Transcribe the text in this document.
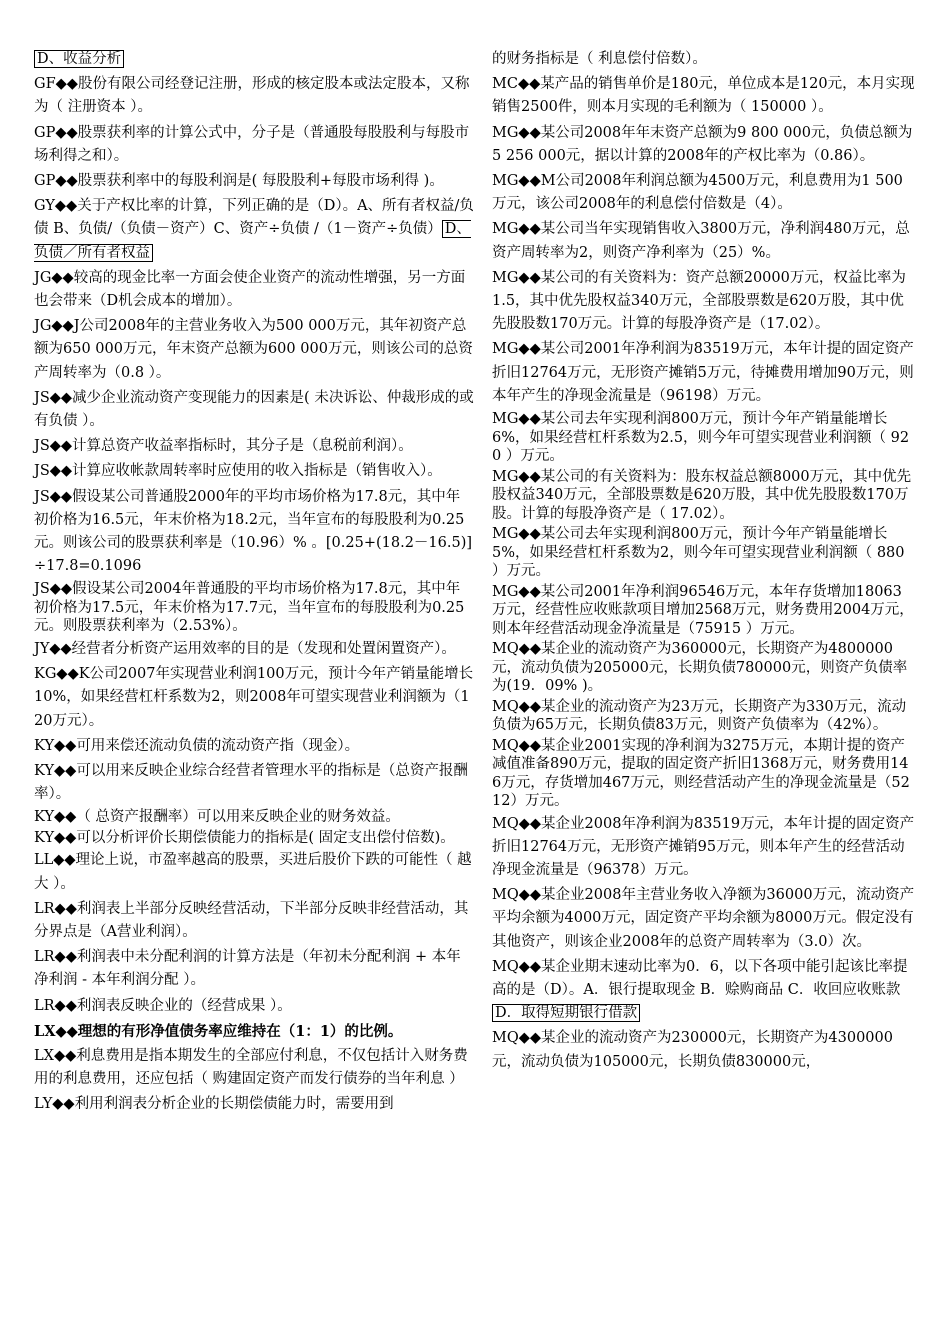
D、收益分析

GF◆◆股份有限公司经登记注册，形成的核定股本或法定股本，又称为（ 注册资本 ）。

GP◆◆股票获利率的计算公式中，分子是（普通股每股股利与每股市场利得之和）。

GP◆◆股票获利率中的每股利润是( 每股股利+每股市场利得 )。

GY◆◆关于产权比率的计算，下列正确的是（D）。A、所有者权益/负债 B、负债/（负债－资产）C、资产÷负债 /（1－资产÷负债） D、负债／所有者权益

JG◆◆较高的现金比率一方面会使企业资产的流动性增强，另一方面也会带来（D机会成本的增加）。

JG◆◆J公司2008年的主营业务收入为500 000万元，其年初资产总额为650 000万元，年末资产总额为600 000万元，则该公司的总资产周转率为（0.8 ）。

JS◆◆减少企业流动资产变现能力的因素是( 未决诉讼、仲裁形成的或有负债 ）。

JS◆◆计算总资产收益率指标时，其分子是（息税前利润）。

JS◆◆计算应收帐款周转率时应使用的收入指标是（销售收入）。

JS◆◆假设某公司普通股2000年的平均市场价格为17.8元，其中年初价格为16.5元，年末价格为18.2元，当年宣布的每股股利为0.25元。则该公司的股票获利率是（10.96）% 。[0.25+(18.2－16.5)]÷17.8=0.1096

JS◆◆假设某公司2004年普通股的平均市场价格为17.8元，其中年初价格为17.5元，年末价格为17.7元，当年宣布的每股股利为0.25元。则股票获利率为（2.53%）。

JY◆◆经营者分析资产运用效率的目的是（发现和处置闲置资产）。

KG◆◆K公司2007年实现营业利润100万元，预计今年产销量能增长10%，如果经营杠杆系数为2，则2008年可望实现营业利润额为（120万元）。

KY◆◆可用来偿还流动负债的流动资产指（现金）。

KY◆◆可以用来反映企业综合经营者管理水平的指标是（总资产报酬率）。

KY◆◆（ 总资产报酬率）可以用来反映企业的财务效益。

KY◆◆可以分析评价长期偿债能力的指标是( 固定支出偿付倍数)。

LL◆◆理论上说，市盈率越高的股票，买进后股价下跌的可能性（ 越大 ）。

LR◆◆利润表上半部分反映经营活动，下半部分反映非经营活动，其分界点是（A营业利润）。

LR◆◆利润表中未分配利润的计算方法是（年初未分配利润 + 本年净利润 - 本年利润分配 ）。

LR◆◆利润表反映企业的（经营成果 ）。

LX◆◆理想的有形净值债务率应维持在（1：1）的比例。

LX◆◆利息费用是指本期发生的全部应付利息，不仅包括计入财务费用的利息费用，还应包括（ 购建固定资产而发行债券的当年利息 ）

LY◆◆利用利润表分析企业的长期偿债能力时，需要用到

的财务指标是（ 利息偿付倍数）。

MC◆◆某产品的销售单价是180元，单位成本是120元，本月实现销售2500件，则本月实现的毛利额为（ 150000 ）。

MG◆◆某公司2008年年末资产总额为9 800 000元，负债总额为5 256 000元，据以计算的2008年的产权比率为（0.86）。

MG◆◆M公司2008年利润总额为4500万元，利息费用为1 500万元，该公司2008年的利息偿付倍数是（4）。

MG◆◆某公司当年实现销售收入3800万元，净利润480万元，总资产周转率为2，则资产净利率为（25）%。

MG◆◆某公司的有关资料为：资产总额20000万元，权益比率为1.5，其中优先股权益340万元，全部股票数是620万股，其中优先股股数170万元。计算的每股净资产是（17.02）。

MG◆◆某公司2001年净利润为83519万元，本年计提的固定资产折旧12764万元，无形资产摊销5万元，待摊费用增加90万元，则本年产生的净现金流量是（96198）万元。

MG◆◆某公司去年实现利润800万元，预计今年产销量能增长6%，如果经营杠杆系数为2.5，则今年可望实现营业利润额（ 920 ）万元。

MG◆◆某公司的有关资料为：股东权益总额8000万元，其中优先股权益340万元，全部股票数是620万股，其中优先股股数170万股。计算的每股净资产是（ 17.02）。

MG◆◆某公司去年实现利润800万元，预计今年产销量能增长5%，如果经营杠杆系数为2，则今年可望实现营业利润额（ 880 ）万元。

MG◆◆某公司2001年净利润96546万元，本年存货增加18063万元，经营性应收账款项目增加2568万元，财务费用2004万元，则本年经营活动现金净流量是（75915 ）万元。

MQ◆◆某企业的流动资产为360000元，长期资产为4800000元，流动负债为205000元，长期负债780000元，则资产负债率为(19．09% )。

MQ◆◆某企业的流动资产为23万元，长期资产为330万元，流动负债为65万元，长期负债83万元，则资产负债率为（42%）。

MQ◆◆某企业2001实现的净利润为3275万元，本期计提的资产减值准备890万元，提取的固定资产折旧1368万元，财务费用146万元，存货增加467万元，则经营活动产生的净现金流量是（5212）万元。

MQ◆◆某企业2008年净利润为83519万元，本年计提的固定资产折旧12764万元，无形资产摊销95万元，则本年产生的经营活动净现金流量是（96378）万元。

MQ◆◆某企业2008年主营业务收入净额为36000万元，流动资产平均余额为4000万元，固定资产平均余额为8000万元。假定没有其他资产，则该企业2008年的总资产周转率为（3.0）次。

MQ◆◆某企业期末速动比率为0．6，以下各项中能引起该比率提高的是（D）。A．银行提取现金 B．赊购商品 C．收回应收账款D．取得短期银行借款

MQ◆◆某企业的流动资产为230000元，长期资产为4300000元，流动负债为105000元，长期负债830000元，
